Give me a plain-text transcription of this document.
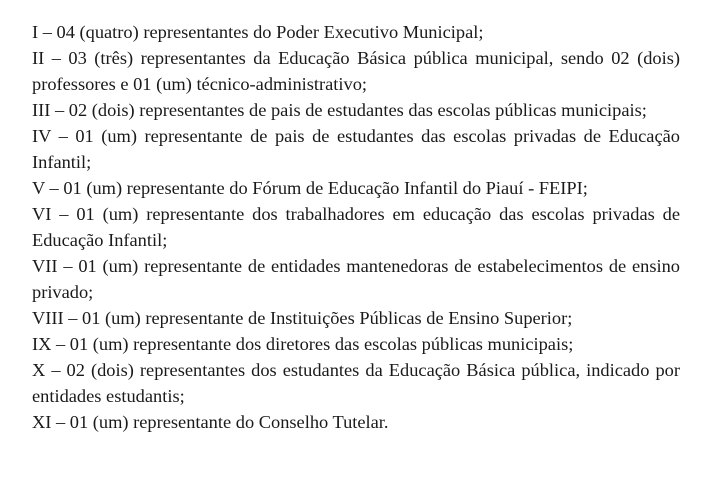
I – 04 (quatro) representantes do Poder Executivo Municipal;

II – 03 (três) representantes da Educação Básica pública municipal, sendo 02 (dois) professores e 01 (um) técnico-administrativo;

III – 02 (dois) representantes de pais de estudantes das escolas públicas municipais;

IV – 01 (um) representante de pais de estudantes das escolas privadas de Educação Infantil;

V – 01 (um) representante do Fórum de Educação Infantil do Piauí - FEIPI;

VI – 01 (um) representante dos trabalhadores em educação das escolas privadas de Educação Infantil;

VII – 01 (um) representante de entidades mantenedoras de estabelecimentos de ensino privado;

VIII – 01 (um) representante de Instituições Públicas de Ensino Superior;

IX – 01 (um) representante dos diretores das escolas públicas municipais;

X – 02 (dois) representantes dos estudantes da Educação Básica pública, indicado por entidades estudantis;

XI – 01 (um) representante do Conselho Tutelar.
